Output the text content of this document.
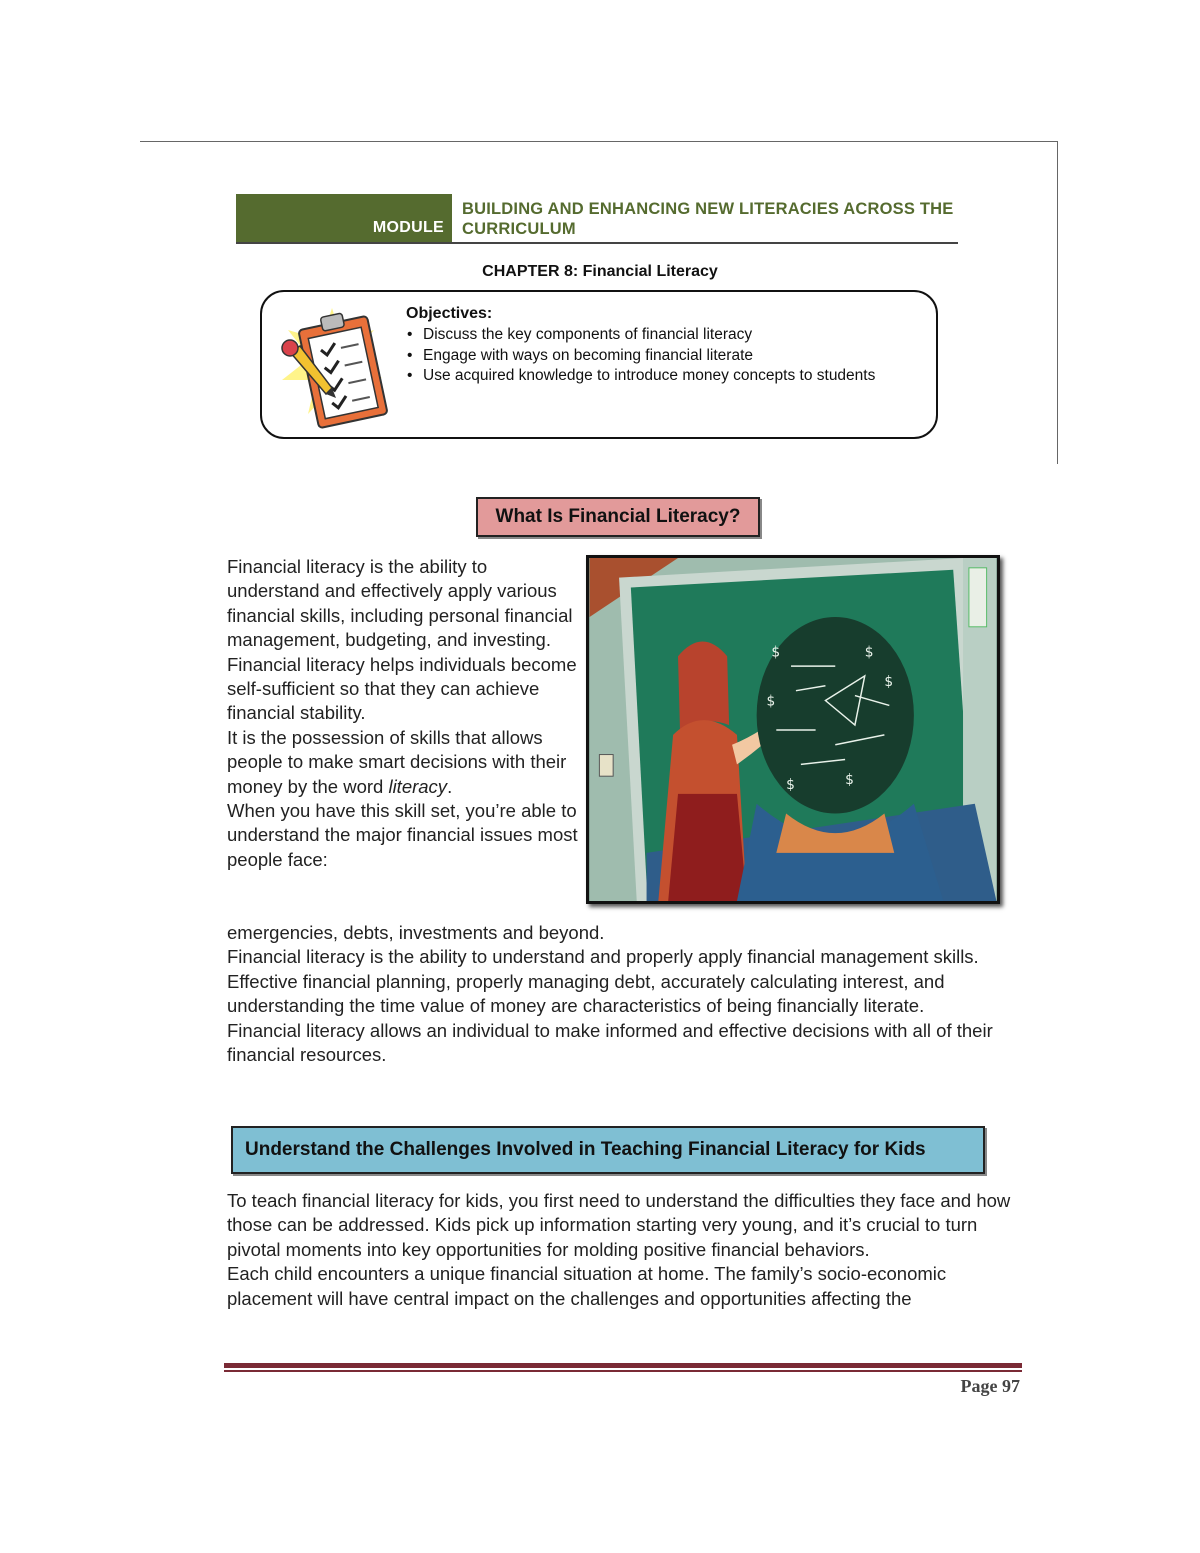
MODULE
BUILDING AND ENHANCING NEW LITERACIES ACROSS THE CURRICULUM
CHAPTER 8: Financial Literacy
Objectives:
• Discuss the key components of financial literacy
• Engage with ways on becoming financial literate
• Use acquired knowledge to introduce money concepts to students
What Is Financial Literacy?

Financial literacy is the ability to understand and effectively apply various financial skills, including personal financial management, budgeting, and investing.

Financial literacy helps individuals become self-sufficient so that they can achieve financial stability.

It is the possession of skills that allows people to make smart decisions with their money by the word literacy.

When you have this skill set, you’re able to understand the major financial issues most people face:

$	$
$
$
$	$

emergencies, debts, investments and beyond.

Financial literacy is the ability to understand and properly apply financial management skills. Effective financial planning, properly managing debt, accurately calculating interest, and understanding the time value of money are characteristics of being financially literate.

Financial literacy allows an individual to make informed and effective decisions with all of their financial resources.

Understand the Challenges Involved in Teaching Financial Literacy for Kids

To teach financial literacy for kids, you first need to understand the difficulties they face and how those can be addressed. Kids pick up information starting very young, and it’s crucial to turn pivotal moments into key opportunities for molding positive financial behaviors.

Each child encounters a unique financial situation at home. The family’s socio-economic placement will have central impact on the challenges and opportunities affecting the

Page 97
